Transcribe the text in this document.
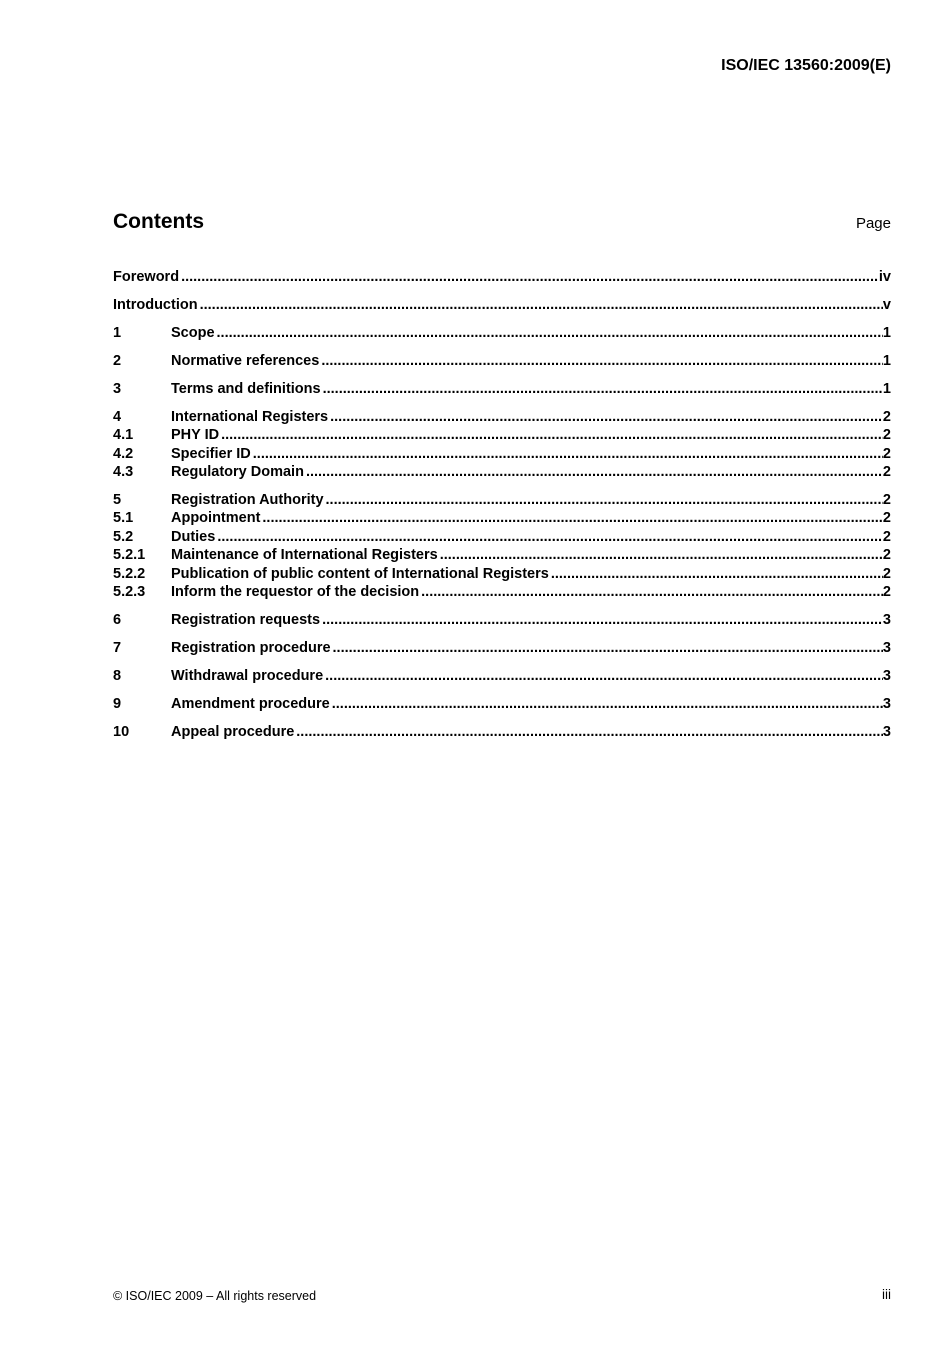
ISO/IEC 13560:2009(E)
Contents	Page
Foreword .....	iv
Introduction .....	v
1	Scope .....	1
2	Normative references .....	1
3	Terms and definitions .....	1
4	International Registers .....	2
4.1	PHY ID .....	2
4.2	Specifier ID .....	2
4.3	Regulatory Domain .....	2
5	Registration Authority .....	2
5.1	Appointment .....	2
5.2	Duties .....	2
5.2.1	Maintenance of International Registers .....	2
5.2.2	Publication of public content of International Registers .....	2
5.2.3	Inform the requestor of the decision .....	2
6	Registration requests .....	3
7	Registration procedure .....	3
8	Withdrawal procedure .....	3
9	Amendment procedure .....	3
10	Appeal procedure .....	3
© ISO/IEC 2009 – All rights reserved	iii
